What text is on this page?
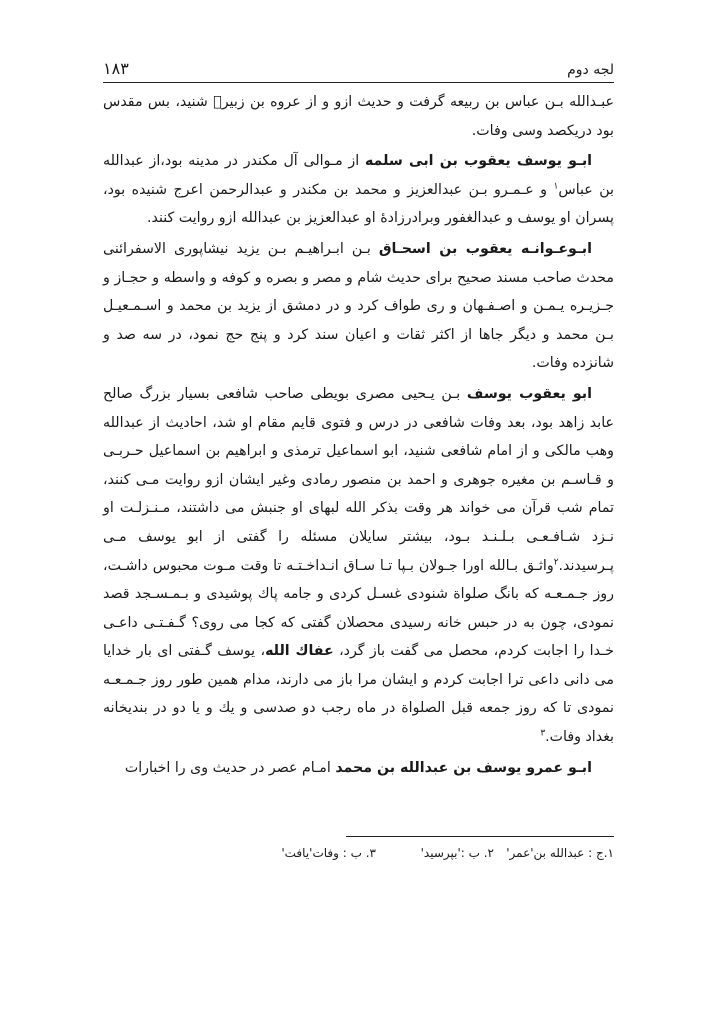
لجه دوم
۱۸۳

عبـدالله بـن عباس بن ربیعه گرفت و حدیث ازو و از عروه بن زبیرؓ شنید، بس مقدس بود دریکصد وسی وفات.

ابـو یوسف یعقوب بن ابی سلمه از مـوالی آل مکندر در مدینه بود،از عبدالله بن عباس$^۱$ و عـمـرو بـن عبدالعزیز و محمد بن مکندر و عبدالرحمن اعرج شنیده بود، پسران او یوسف و عبدالغفور وبرادرزادهٔ او عبدالعزیز بن عبدالله ازو روایت کنند.

ابـوعـوانـه یعقوب بن اسحـاق بـن ابـراهیـم بـن یزید نیشاپوری الاسفرائنی محدث صاحب مسند صحیح برای حدیث شام و مصر و بصره و کوفه و واسطه و حجـاز و جـزیـره یـمـن و اصـفـهان و ری طواف کرد و در دمشق از یزید بن محمد و اسـمـعیـل بـن محمد و دیگر جاها از اکثر ثقات و اعیان سند کرد و پنج حج نمود، در سه صد و شانزده وفات.

ابو یعقوب یوسف بـن یـحیی مصری بویطی صاحب شافعی بسیار بزرگ صالح عابد زاهد بود، بعد وفات شافعی در درس و فتوی قایم مقام او شد، احادیث از عبدالله وهب مالکی و از امام شافعی شنید، ابو اسماعیل ترمذی و ابراهیم بن اسماعیل حـربـی و قـاسـم بن مغیره جوهری و احمد بن منصور رمادی وغیر ایشان ازو روایت مـی کنند، تمام شب قرآن می خواند هر وقت بذکر الله لبهای او جنبش می داشتند، مـنـزلـت او نـزد شـافـعـی بـلـنـد بـود، بیشتر سایلان مسئله را گفتی از ابو یوسف مـی پـرسیدند.$^۲$واثـق بـالله اورا جـولان بـپا تـا سـاق انـداخـتـه تا وقت مـوت محبوس داشـت، روز جـمـعـه که بانگ صلواة شنودی غسـل کردی و جامه پاك پوشیدی و بـمـسـجد قصد نمودی، چون به در حبس خانه رسیدی محصلان گفتی که کجا می روی؟ گـفـتـی داعـی خـدا را اجابت کردم، محصل می گفت باز گرد، عفاك الله، یوسف گـفتی ای بار خدایا می دانی داعی ترا اجابت کردم و ایشان مرا باز می دارند، مدام همین طور روز جـمـعـه نمودی تا که روز جمعه قبل الصلواة در ماه رجب دو صدسی و یك و یا دو در بندیخانه بغداد وفات.$^۳$

ابـو عمرو یوسف بن عبدالله بن محمد امـام عصر در حدیث وی را اخبارات

۱.ج : عبدالله بن'عمر'
۲. ب :'بپرسید'
۳. ب : وفات'یافت'
